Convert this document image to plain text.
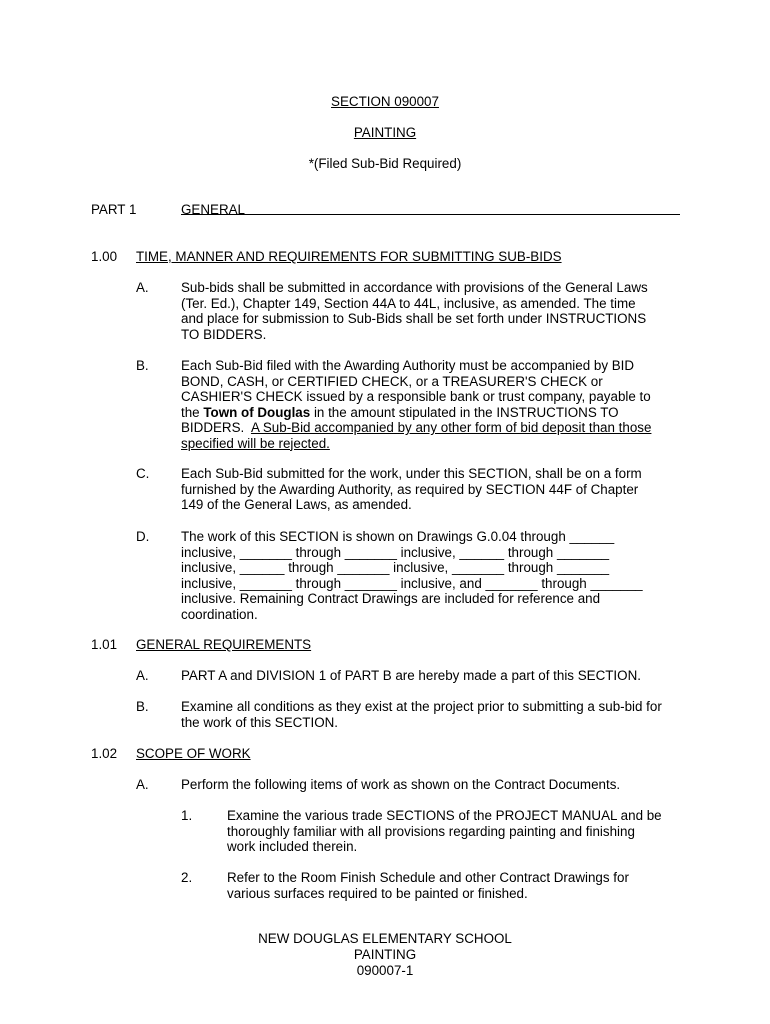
SECTION 090007
PAINTING
*(Filed Sub-Bid Required)
PART 1	GENERAL
1.00 TIME, MANNER AND REQUIREMENTS FOR SUBMITTING SUB-BIDS
A. Sub-bids shall be submitted in accordance with provisions of the General Laws
(Ter. Ed.), Chapter 149, Section 44A to 44L, inclusive, as amended. The time
and place for submission to Sub-Bids shall be set forth under INSTRUCTIONS
TO BIDDERS.
B. Each Sub-Bid filed with the Awarding Authority must be accompanied by BID
BOND, CASH, or CERTIFIED CHECK, or a TREASURER'S CHECK or
CASHIER'S CHECK issued by a responsible bank or trust company, payable to
the Town of Douglas in the amount stipulated in the INSTRUCTIONS TO
BIDDERS.  A Sub-Bid accompanied by any other form of bid deposit than those
specified will be rejected.
C. Each Sub-Bid submitted for the work, under this SECTION, shall be on a form
furnished by the Awarding Authority, as required by SECTION 44F of Chapter
149 of the General Laws, as amended.
D. The work of this SECTION is shown on Drawings G.0.04 through ______
inclusive, _______ through _______ inclusive, ______ through _______
inclusive, ______ through _______ inclusive, _______ through _______
inclusive, _______ through _______ inclusive, and _______ through _______
inclusive. Remaining Contract Drawings are included for reference and
coordination.
1.01 GENERAL REQUIREMENTS
A. PART A and DIVISION 1 of PART B are hereby made a part of this SECTION.
B. Examine all conditions as they exist at the project prior to submitting a sub-bid for
the work of this SECTION.
1.02 SCOPE OF WORK
A. Perform the following items of work as shown on the Contract Documents.
1.	Examine the various trade SECTIONS of the PROJECT MANUAL and be
thoroughly familiar with all provisions regarding painting and finishing
work included therein.
2.	Refer to the Room Finish Schedule and other Contract Drawings for
various surfaces required to be painted or finished.
NEW DOUGLAS ELEMENTARY SCHOOL
PAINTING
090007-1
